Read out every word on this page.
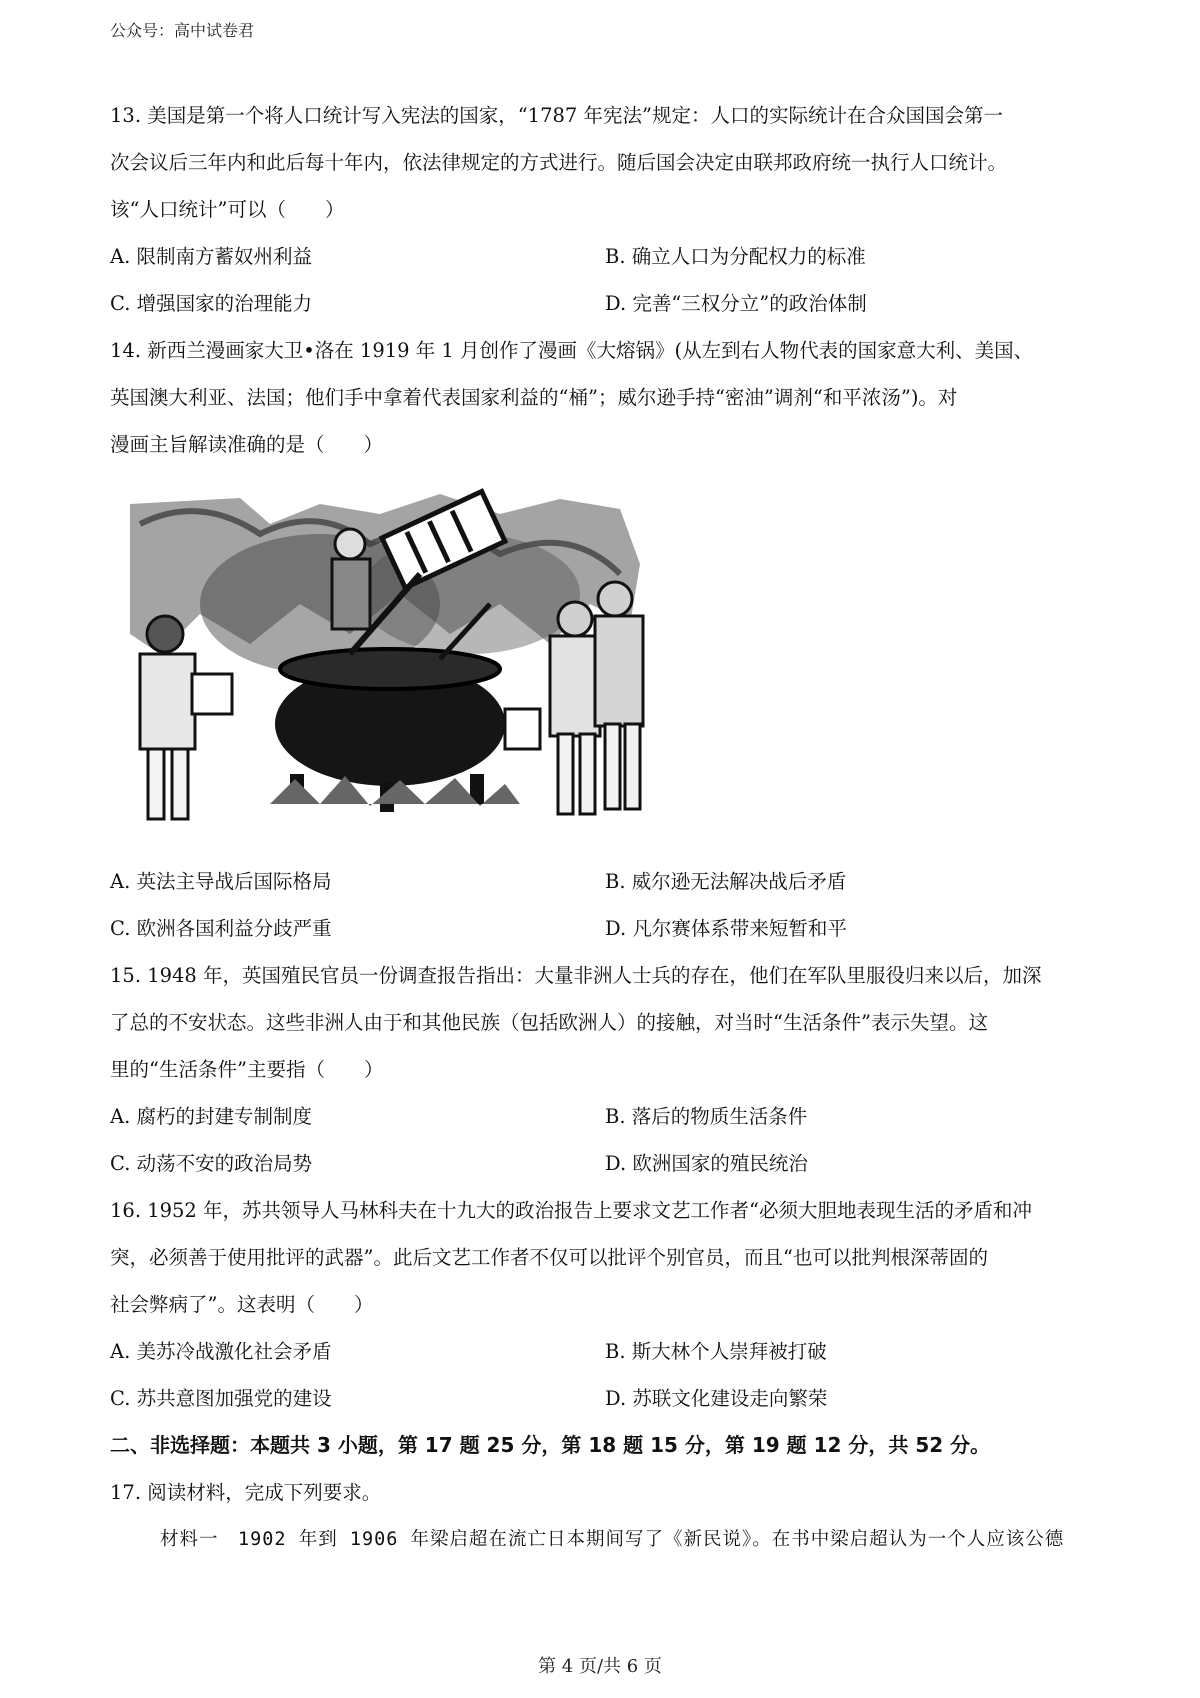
公众号：高中试卷君

13. 美国是第一个将人口统计写入宪法的国家，“1787 年宪法”规定：人口的实际统计在合众国国会第一

次会议后三年内和此后每十年内，依法律规定的方式进行。随后国会决定由联邦政府统一执行人口统计。

该“人口统计”可以（　　）

A. 限制南方蓄奴州利益	B. 确立人口为分配权力的标准
C. 增强国家的治理能力	D. 完善“三权分立”的政治体制

14. 新西兰漫画家大卫•洛在 1919 年 1 月创作了漫画《大熔锅》(从左到右人物代表的国家意大利、美国、

英国澳大利亚、法国；他们手中拿着代表国家利益的“桶”；威尔逊手持“密油”调剂“和平浓汤”)。对

漫画主旨解读准确的是（　　）

A. 英法主导战后国际格局	B. 威尔逊无法解决战后矛盾
C. 欧洲各国利益分歧严重	D. 凡尔赛体系带来短暂和平

15. 1948 年，英国殖民官员一份调查报告指出：大量非洲人士兵的存在，他们在军队里服役归来以后，加深

了总的不安状态。这些非洲人由于和其他民族（包括欧洲人）的接触，对当时“生活条件”表示失望。这

里的“生活条件”主要指（　　）

A. 腐朽的封建专制制度	B. 落后的物质生活条件
C. 动荡不安的政治局势	D. 欧洲国家的殖民统治

16. 1952 年，苏共领导人马林科夫在十九大的政治报告上要求文艺工作者“必须大胆地表现生活的矛盾和冲

突，必须善于使用批评的武器”。此后文艺工作者不仅可以批评个别官员，而且“也可以批判根深蒂固的

社会弊病了”。这表明（　　）

A. 美苏冷战激化社会矛盾	B. 斯大林个人崇拜被打破
C. 苏共意图加强党的建设	D. 苏联文化建设走向繁荣

二、非选择题：本题共 3 小题，第 17 题 25 分，第 18 题 15 分，第 19 题 12 分，共 52 分。

17. 阅读材料，完成下列要求。

材料一　1902 年到 1906 年梁启超在流亡日本期间写了《新民说》。在书中梁启超认为一个人应该公德

第 4 页/共 6 页
